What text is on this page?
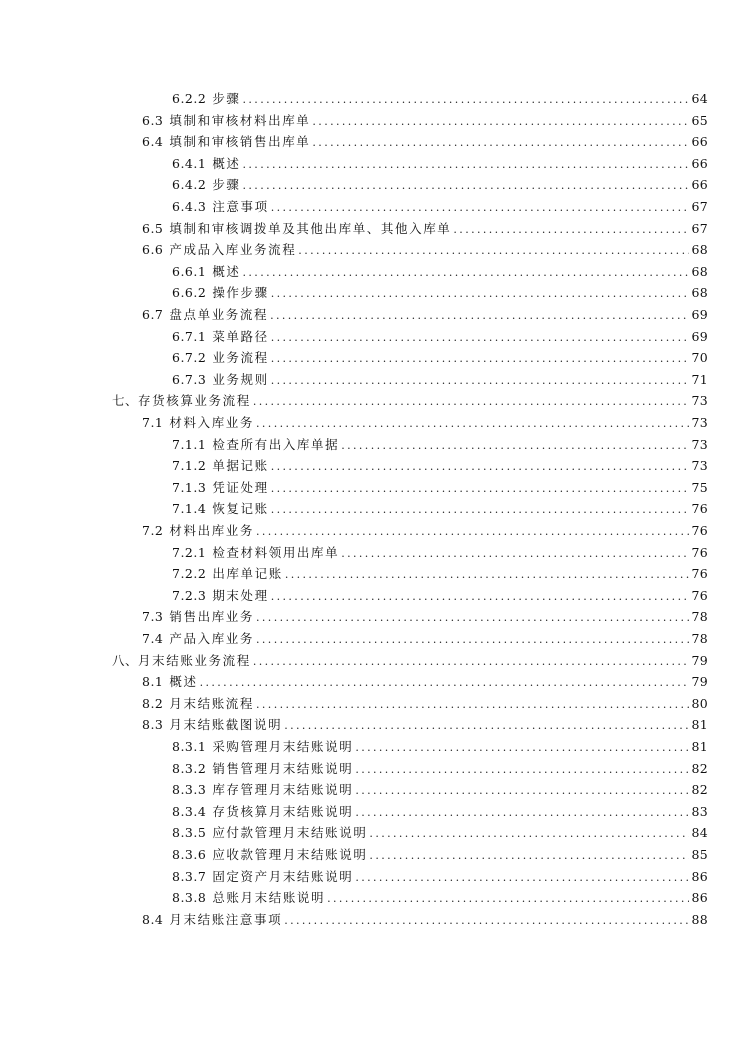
6.2.2 步骤 .....	64
6.3 填制和审核材料出库单 .....	65
6.4 填制和审核销售出库单 .....	66
6.4.1 概述 .....	66
6.4.2 步骤 .....	66
6.4.3 注意事项 .....	67
6.5 填制和审核调拨单及其他出库单、其他入库单 .....	67
6.6 产成品入库业务流程 .....	68
6.6.1 概述 .....	68
6.6.2 操作步骤 .....	68
6.7 盘点单业务流程 .....	69
6.7.1 菜单路径 .....	69
6.7.2 业务流程 .....	70
6.7.3 业务规则 .....	71
七、 存货核算业务流程 .....	73
7.1 材料入库业务 .....	73
7.1.1 检查所有出入库单据 .....	73
7.1.2 单据记账 .....	73
7.1.3 凭证处理 .....	75
7.1.4 恢复记账 .....	76
7.2 材料出库业务 .....	76
7.2.1 检查材料领用出库单 .....	76
7.2.2 出库单记账 .....	76
7.2.3 期末处理 .....	76
7.3 销售出库业务 .....	78
7.4 产品入库业务 .....	78
八、 月末结账业务流程 .....	79
8.1 概述 .....	79
8.2 月末结账流程 .....	80
8.3 月末结账截图说明 .....	81
8.3.1 采购管理月末结账说明 .....	81
8.3.2 销售管理月末结账说明 .....	82
8.3.3 库存管理月末结账说明 .....	82
8.3.4 存货核算月末结账说明 .....	83
8.3.5 应付款管理月末结账说明 .....	84
8.3.6 应收款管理月末结账说明 .....	85
8.3.7 固定资产月末结账说明 .....	86
8.3.8 总账月末结账说明 .....	86
8.4 月末结账注意事项 .....	88
